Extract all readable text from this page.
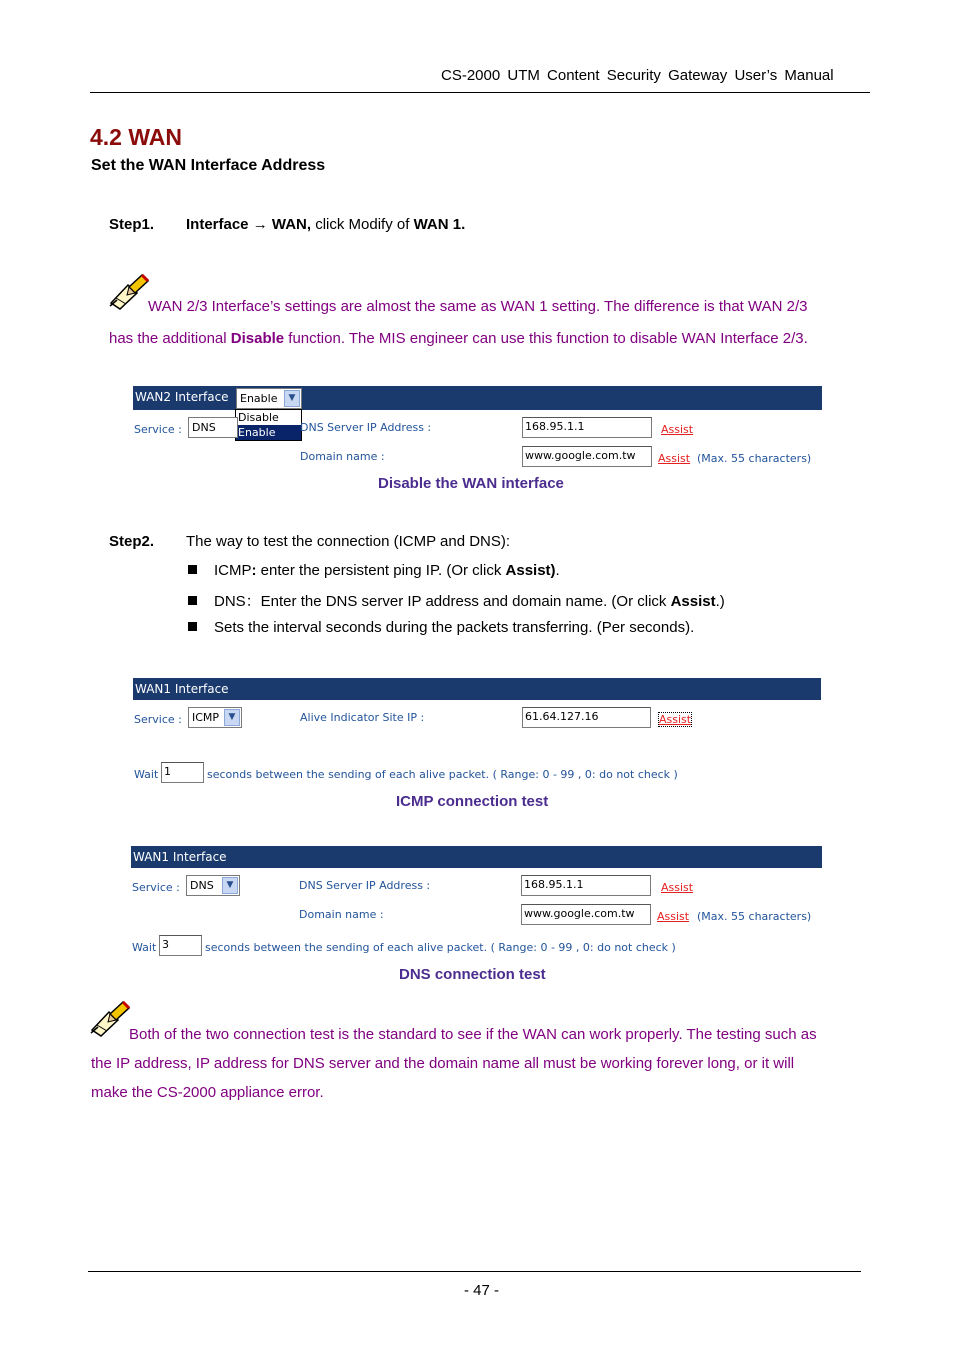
CS-2000 UTM Content Security Gateway User’s Manual
4.2 WAN
Set the WAN Interface Address
Step1. Interface → WAN, click Modify of WAN 1.
WAN 2/3 Interface’s settings are almost the same as WAN 1 setting. The difference is that WAN 2/3
has the additional Disable function. The MIS engineer can use this function to disable WAN Interface 2/3.
WAN2 Interface	Enable	▼
Disable
Enable
Service : DNS	DNS Server IP Address :	168.95.1.1	Assist
Domain name :	www.google.com.tw	Assist (Max. 55 characters)
Disable the WAN interface
Step2. The way to test the connection (ICMP and DNS):
ICMP: enter the persistent ping IP. (Or click Assist).
DNS：Enter the DNS server IP address and domain name. (Or click Assist.)
Sets the interval seconds during the packets transferring. (Per seconds).
WAN1 Interface
Service : ICMP	▼	Alive Indicator Site IP :	61.64.127.16	Assist
Wait 1	seconds between the sending of each alive packet. ( Range: 0 - 99 , 0: do not check )
ICMP connection test
WAN1 Interface
Service : DNS	▼	DNS Server IP Address :	168.95.1.1	Assist
Domain name :	www.google.com.tw	Assist (Max. 55 characters)
Wait 3	seconds between the sending of each alive packet. ( Range: 0 - 99 , 0: do not check )
DNS connection test
Both of the two connection test is the standard to see if the WAN can work properly. The testing such as
the IP address, IP address for DNS server and the domain name all must be working forever long, or it will
make the CS-2000 appliance error.
- 47 -
